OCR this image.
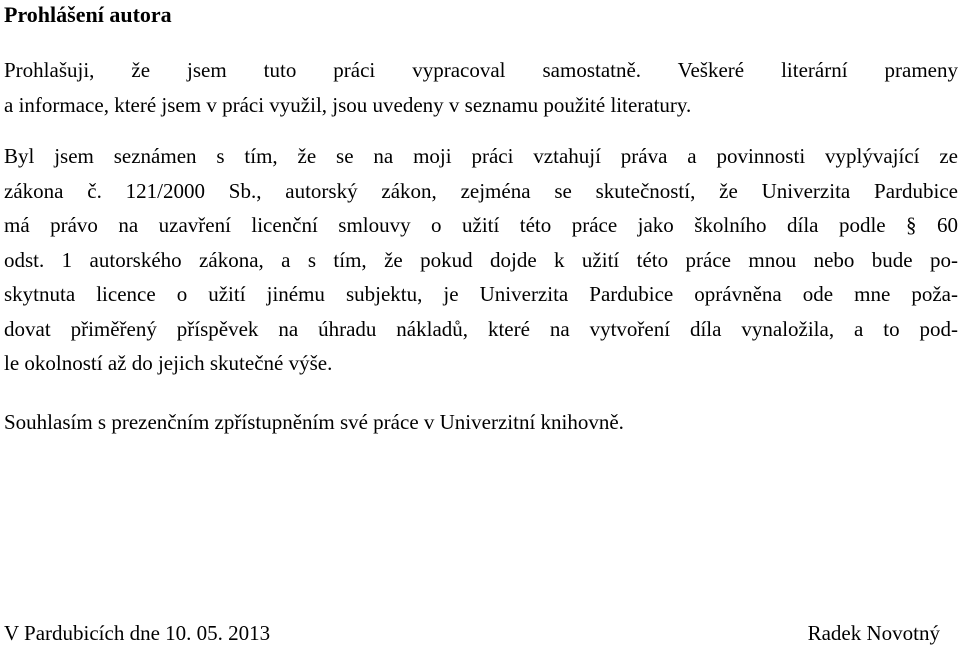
Prohlášení autora

Prohlašuji, že jsem tuto práci vypracoval samostatně. Veškeré literární prameny
a informace, které jsem v práci využil, jsou uvedeny v seznamu použité literatury.

Byl jsem seznámen s tím, že se na moji práci vztahují práva a povinnosti vyplývající ze
zákona č. 121/2000 Sb., autorský zákon, zejména se skutečností, že Univerzita Pardubice
má právo na uzavření licenční smlouvy o užití této práce jako školního díla podle § 60
odst. 1 autorského zákona, a s tím, že pokud dojde k užití této práce mnou nebo bude po-
skytnuta licence o užití jinému subjektu, je Univerzita Pardubice oprávněna ode mne poža-
dovat přiměřený příspěvek na úhradu nákladů, které na vytvoření díla vynaložila, a to pod-
le okolností až do jejich skutečné výše.

Souhlasím s prezenčním zpřístupněním své práce v Univerzitní knihovně.

V Pardubicích dne 10. 05. 2013	Radek Novotný
